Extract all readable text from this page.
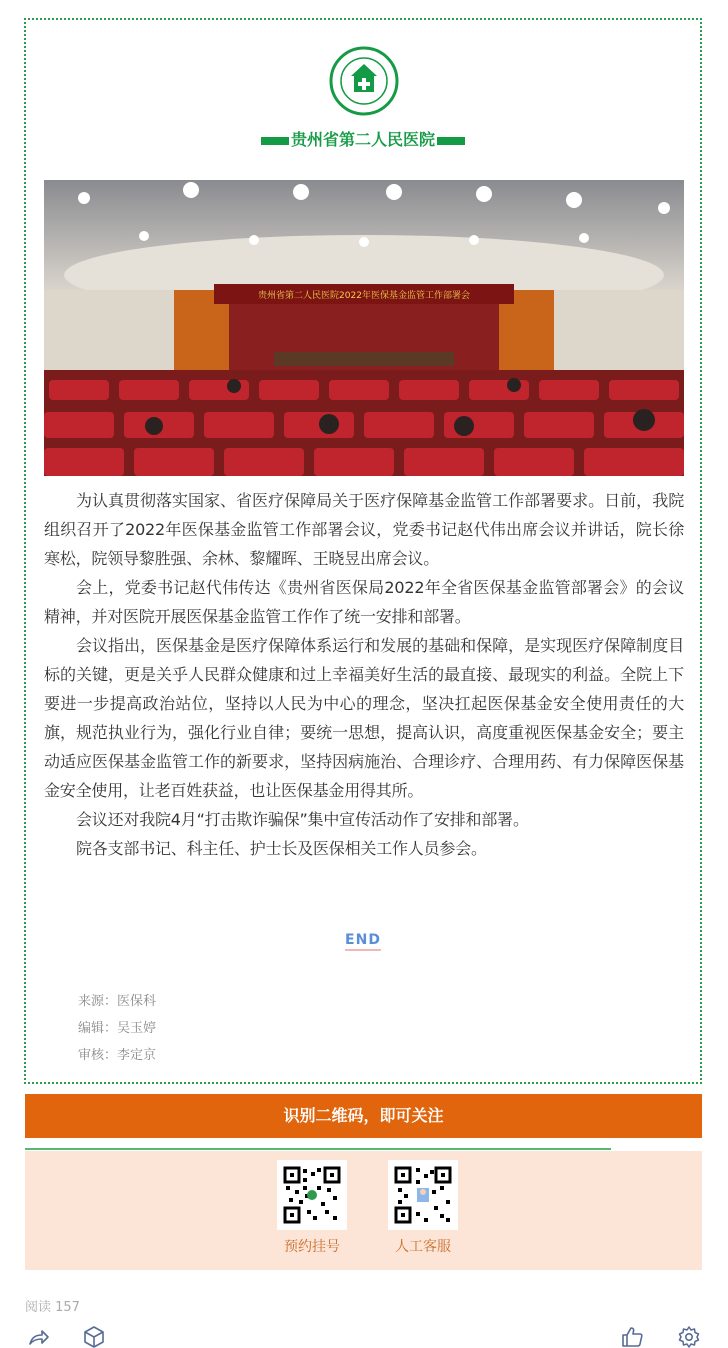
贵州省第二人民医院
贵州省第二人民医院2022年医保基金监管工作部署会

为认真贯彻落实国家、省医疗保障局关于医疗保障基金监管工作部署要求。日前，我院组织召开了2022年医保基金监管工作部署会议，党委书记赵代伟出席会议并讲话，院长徐寒松，院领导黎胜强、余林、黎耀晖、王晓昱出席会议。

会上，党委书记赵代伟传达《贵州省医保局2022年全省医保基金监管部署会》的会议精神，并对医院开展医保基金监管工作作了统一安排和部署。

会议指出，医保基金是医疗保障体系运行和发展的基础和保障，是实现医疗保障制度目标的关键，更是关乎人民群众健康和过上幸福美好生活的最直接、最现实的利益。全院上下要进一步提高政治站位，坚持以人民为中心的理念，坚决扛起医保基金安全使用责任的大旗，规范执业行为，强化行业自律；要统一思想，提高认识，高度重视医保基金安全；要主动适应医保基金监管工作的新要求，坚持因病施治、合理诊疗、合理用药、有力保障医保基金安全使用，让老百姓获益，也让医保基金用得其所。

会议还对我院4月“打击欺诈骗保”集中宣传活动作了安排和部署。

院各支部书记、科主任、护士长及医保相关工作人员参会。

END
来源：医保科
编辑：吴玉婷
审核：李定京
识别二维码，即可关注
预约挂号	人工客服
阅读 157
